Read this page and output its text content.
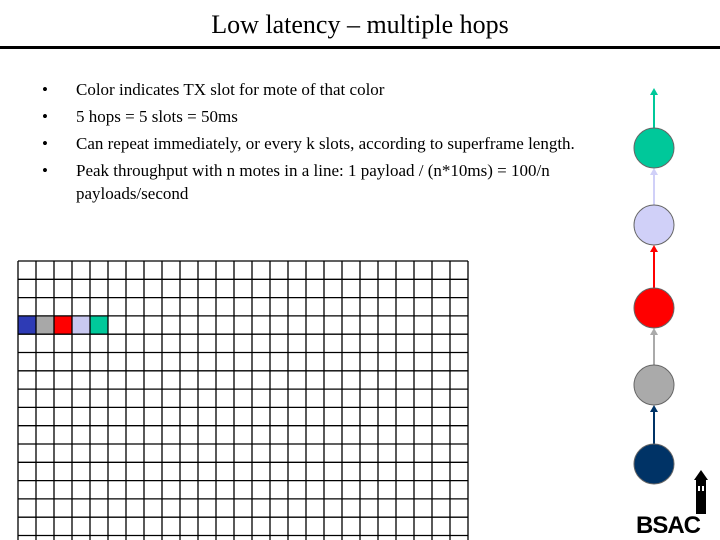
Low latency – multiple hops
• Color indicates TX slot for mote of that color
• 5 hops = 5 slots = 50ms
• Can repeat immediately, or every k slots, according to superframe length.
• Peak throughput with n motes in a line: 1 payload / (n*10ms) = 100/n payloads/second
BSAC
